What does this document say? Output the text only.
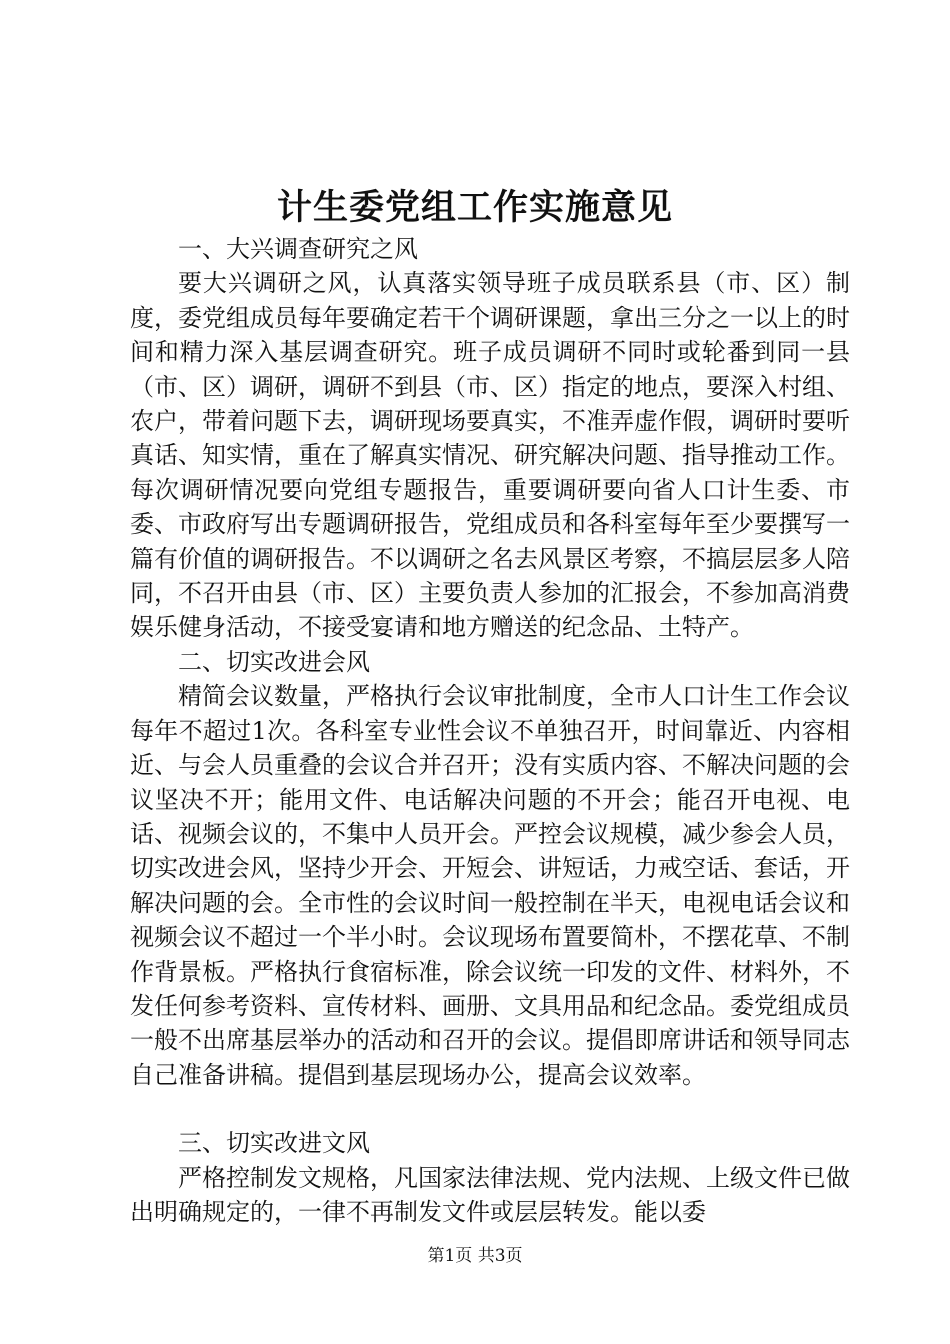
计生委党组工作实施意见

一、大兴调查研究之风

要大兴调研之风，认真落实领导班子成员联系县（市、区）制度，委党组成员每年要确定若干个调研课题，拿出三分之一以上的时间和精力深入基层调查研究。班子成员调研不同时或轮番到同一县（市、区）调研，调研不到县（市、区）指定的地点，要深入村组、农户，带着问题下去，调研现场要真实，不准弄虚作假，调研时要听真话、知实情，重在了解真实情况、研究解决问题、指导推动工作。每次调研情况要向党组专题报告，重要调研要向省人口计生委、市委、市政府写出专题调研报告，党组成员和各科室每年至少要撰写一篇有价值的调研报告。不以调研之名去风景区考察，不搞层层多人陪同，不召开由县（市、区）主要负责人参加的汇报会，不参加高消费娱乐健身活动，不接受宴请和地方赠送的纪念品、土特产。

二、切实改进会风

精简会议数量，严格执行会议审批制度，全市人口计生工作会议每年不超过1次。各科室专业性会议不单独召开，时间靠近、内容相近、与会人员重叠的会议合并召开；没有实质内容、不解决问题的会议坚决不开；能用文件、电话解决问题的不开会；能召开电视、电话、视频会议的，不集中人员开会。严控会议规模，减少参会人员，切实改进会风，坚持少开会、开短会、讲短话，力戒空话、套话，开解决问题的会。全市性的会议时间一般控制在半天，电视电话会议和视频会议不超过一个半小时。会议现场布置要简朴，不摆花草、不制作背景板。严格执行食宿标准，除会议统一印发的文件、材料外，不发任何参考资料、宣传材料、画册、文具用品和纪念品。委党组成员一般不出席基层举办的活动和召开的会议。提倡即席讲话和领导同志自己准备讲稿。提倡到基层现场办公，提高会议效率。

三、切实改进文风

严格控制发文规格，凡国家法律法规、党内法规、上级文件已做出明确规定的，一律不再制发文件或层层转发。能以委

第1页 共3页
